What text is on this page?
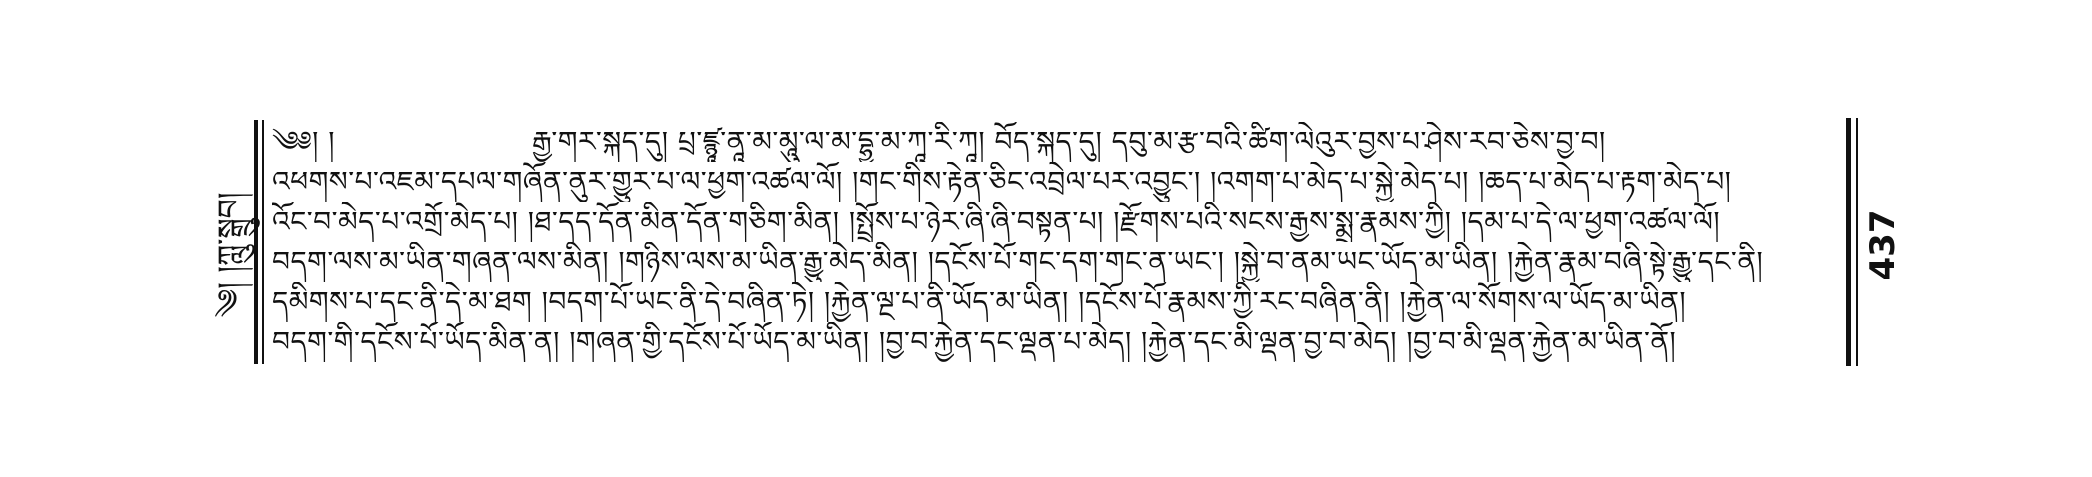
༄། །ཀླུ་སྒྲུབ།
༄༅། །	རྒྱ་གར་སྐད་དུ། པྲ་ཛྙཱ་ནཱ་མ་མཱུ་ལ་མ་དྷྱ་མ་ཀཱ་རི་ཀཱ། བོད་སྐད་དུ། དབུ་མ་རྩ་བའི་ཚིག་ལེའུར་བྱས་པ་ཤེས་རབ་ཅེས་བྱ་བ།
འཕགས་པ་འཇམ་དཔལ་གཞོན་ནུར་གྱུར་པ་ལ་ཕྱག་འཚལ་ལོ། །གང་གིས་རྟེན་ཅིང་འབྲེལ་པར་འབྱུང༌། །འགག་པ་མེད་པ་སྐྱེ་མེད་པ། །ཆད་པ་མེད་པ་རྟག་མེད་པ།
འོང་བ་མེད་པ་འགྲོ་མེད་པ། །ཐ་དད་དོན་མིན་དོན་གཅིག་མིན། །སྤྲོས་པ་ཉེར་ཞི་ཞི་བསྟན་པ། །རྫོགས་པའི་སངས་རྒྱས་སྨྲ་རྣམས་ཀྱི། །དམ་པ་དེ་ལ་ཕྱག་འཚལ་ལོ།
བདག་ལས་མ་ཡིན་གཞན་ལས་མིན། །གཉིས་ལས་མ་ཡིན་རྒྱུ་མེད་མིན། །དངོས་པོ་གང་དག་གང་ན་ཡང༌། །སྐྱེ་བ་ནམ་ཡང་ཡོད་མ་ཡིན། །རྐྱེན་རྣམ་བཞི་སྟེ་རྒྱུ་དང་ནི།
དམིགས་པ་དང་ནི་དེ་མ་ཐག །བདག་པོ་ཡང་ནི་དེ་བཞིན་ཏེ། །རྐྱེན་ལྔ་པ་ནི་ཡོད་མ་ཡིན། །དངོས་པོ་རྣམས་ཀྱི་རང་བཞིན་ནི། །རྐྱེན་ལ་སོགས་ལ་ཡོད་མ་ཡིན།
བདག་གི་དངོས་པོ་ཡོད་མིན་ན། །གཞན་གྱི་དངོས་པོ་ཡོད་མ་ཡིན། །བྱ་བ་རྐྱེན་དང་ལྡན་པ་མེད། །རྐྱེན་དང་མི་ལྡན་བྱ་བ་མེད། །བྱ་བ་མི་ལྡན་རྐྱེན་མ་ཡིན་ནོ།
437
